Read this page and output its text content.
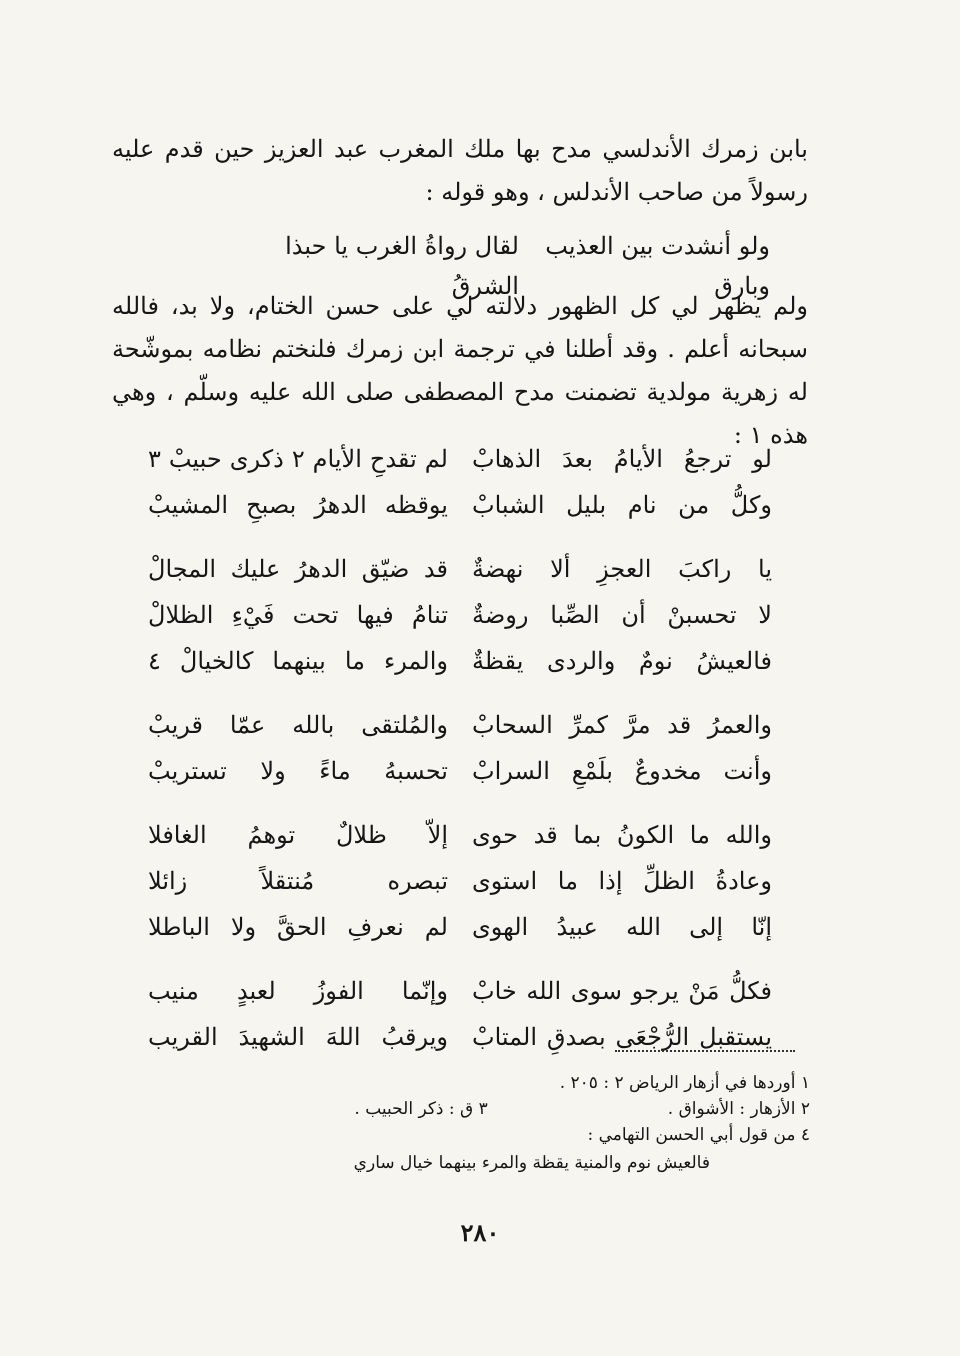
بابن زمرك الأندلسي مدح بها ملك المغرب عبد العزيز حين قدم عليه رسولاً من صاحب الأندلس ، وهو قوله :
ولو أنشدت بين العذيب وبارق
لقال رواةُ الغرب يا حبذا الشرقُ
ولم يظهر لي كل الظهور دلالته لي على حسن الختام، ولا بد، فالله سبحانه أعلم . وقد أطلنا في ترجمة ابن زمرك فلنختم نظامه بموشّحة له زهرية مولدية تضمنت مدح المصطفى صلى الله عليه وسلّم ، وهي هذه ١ :
لو ترجعُ الأيامُ بعدَ الذهابْ
لم تقدحِ الأيام ٢ ذكرى حبيبْ ٣
وكلُّ من نام بليل الشبابْ
يوقظه الدهرُ بصبحِ المشيبْ
يا راكبَ العجزِ ألا نهضةٌ
قد ضيّق الدهرُ عليك المجالْ
لا تحسبنْ أن الصِّبا روضةٌ
تنامُ فيها تحت فَيْءِ الظلالْ
فالعيشُ نومٌ والردى يقظةٌ
والمرء ما بينهما كالخيالْ ٤
والعمرُ قد مرَّ كمرِّ السحابْ
والمُلتقى بالله عمّا قريبْ
وأنت مخدوعٌ بلَمْعِ السرابْ
تحسبهُ ماءً ولا تستريبْ
والله ما الكونُ بما قد حوى
إلاّ ظلالٌ توهمُ الغافلا
وعادةُ الظلِّ إذا ما استوى
تبصره مُنتقلاً زائلا
إنّا إلى الله عبيدُ الهوى
لم نعرفِ الحقَّ ولا الباطلا
فكلُّ مَنْ يرجو سوى الله خابْ
وإنّما الفوزُ لعبدٍ منيب
يستقبل الرُّجْعَى بصدقِ المتابْ
ويرقبُ اللهَ الشهيدَ القريب
١ أوردها في أزهار الرياض ٢ : ٢٠٥ .
٢ الأزهار : الأشواق .
٣ ق : ذكر الحبيب .
٤ من قول أبي الحسن التهامي :
فالعيش نوم والمنية يقظة والمرء بينهما خيال ساري
٢٨٠
